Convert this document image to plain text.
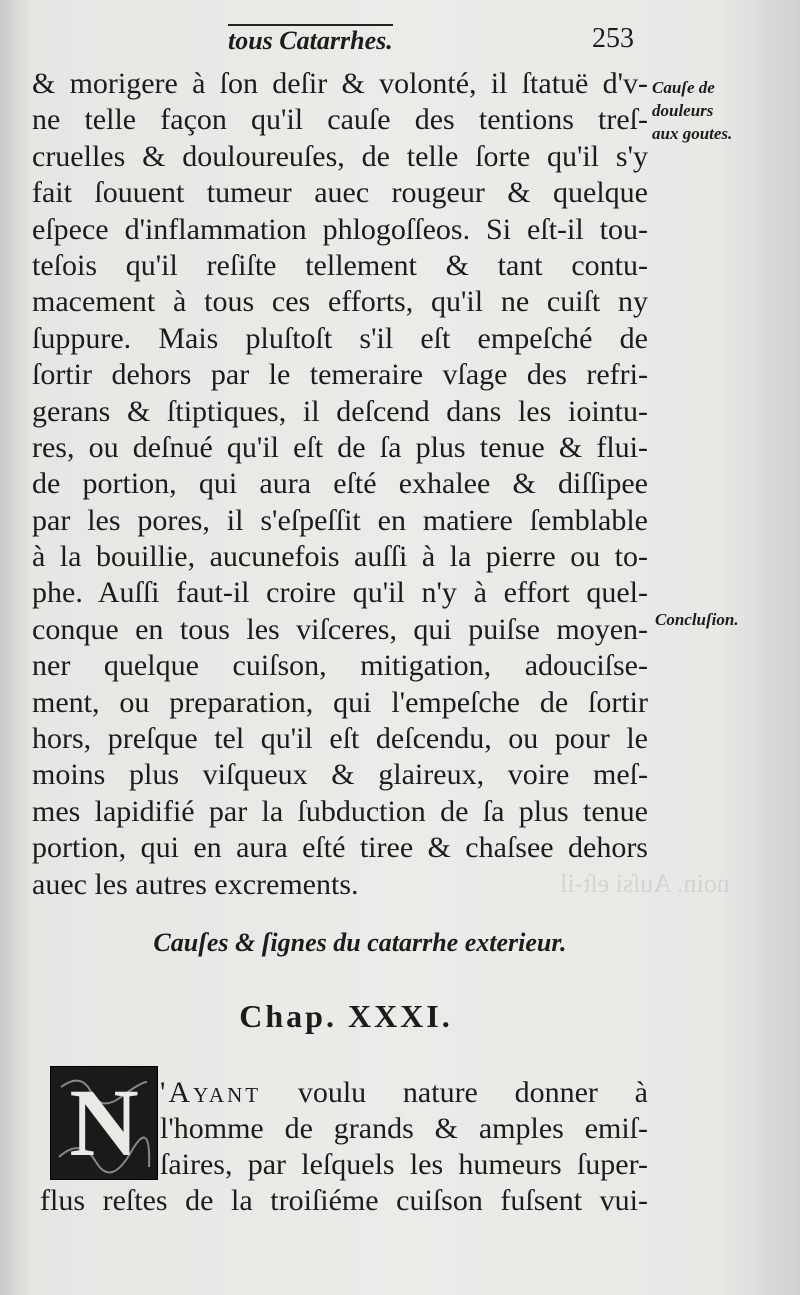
noin. Auſsi eſt-il
tous Catarrhes.	253
& morigere à ſon deſir & volonté, il ſtatuë d'v-
ne telle façon qu'il cauſe des tentions treſ-
cruelles & douloureuſes, de telle ſorte qu'il s'y
fait ſouuent tumeur auec rougeur & quelque
eſpece d'inflammation phlogoſſeos. Si eſt-il tou-
teſois qu'il reſiſte tellement & tant contu-
macement à tous ces efforts, qu'il ne cuiſt ny
ſuppure. Mais pluſtoſt s'il eſt empeſché de
ſortir dehors par le temeraire vſage des refri-
gerans & ſtiptiques, il deſcend dans les iointu-
res, ou deſnué qu'il eſt de ſa plus tenue & flui-
de portion, qui aura eſté exhalee & diſſipee
par les pores, il s'eſpeſſit en matiere ſemblable
à la bouillie, aucunefois auſſi à la pierre ou to-
phe. Auſſi faut-il croire qu'il n'y à effort quel-
conque en tous les viſceres, qui puiſse moyen-
ner quelque cuiſson, mitigation, adouciſse-
ment, ou preparation, qui l'empeſche de ſortir
hors, preſque tel qu'il eſt deſcendu, ou pour le
moins plus viſqueux & glaireux, voire meſ-
mes lapidifié par la ſubduction de ſa plus tenue
portion, qui en aura eſté tiree & chaſsee dehors
auec les autres excrements.
Cauſe de
douleurs
aux goutes.
Concluſion.
Cauſes & ſignes du catarrhe exterieur.
Chap. XXXI.
N 'Ayant voulu nature donner à
l'homme de grands & amples emiſ-
ſaires, par leſquels les humeurs ſuper-
flus reſtes de la troiſiéme cuiſson fuſsent vui-
